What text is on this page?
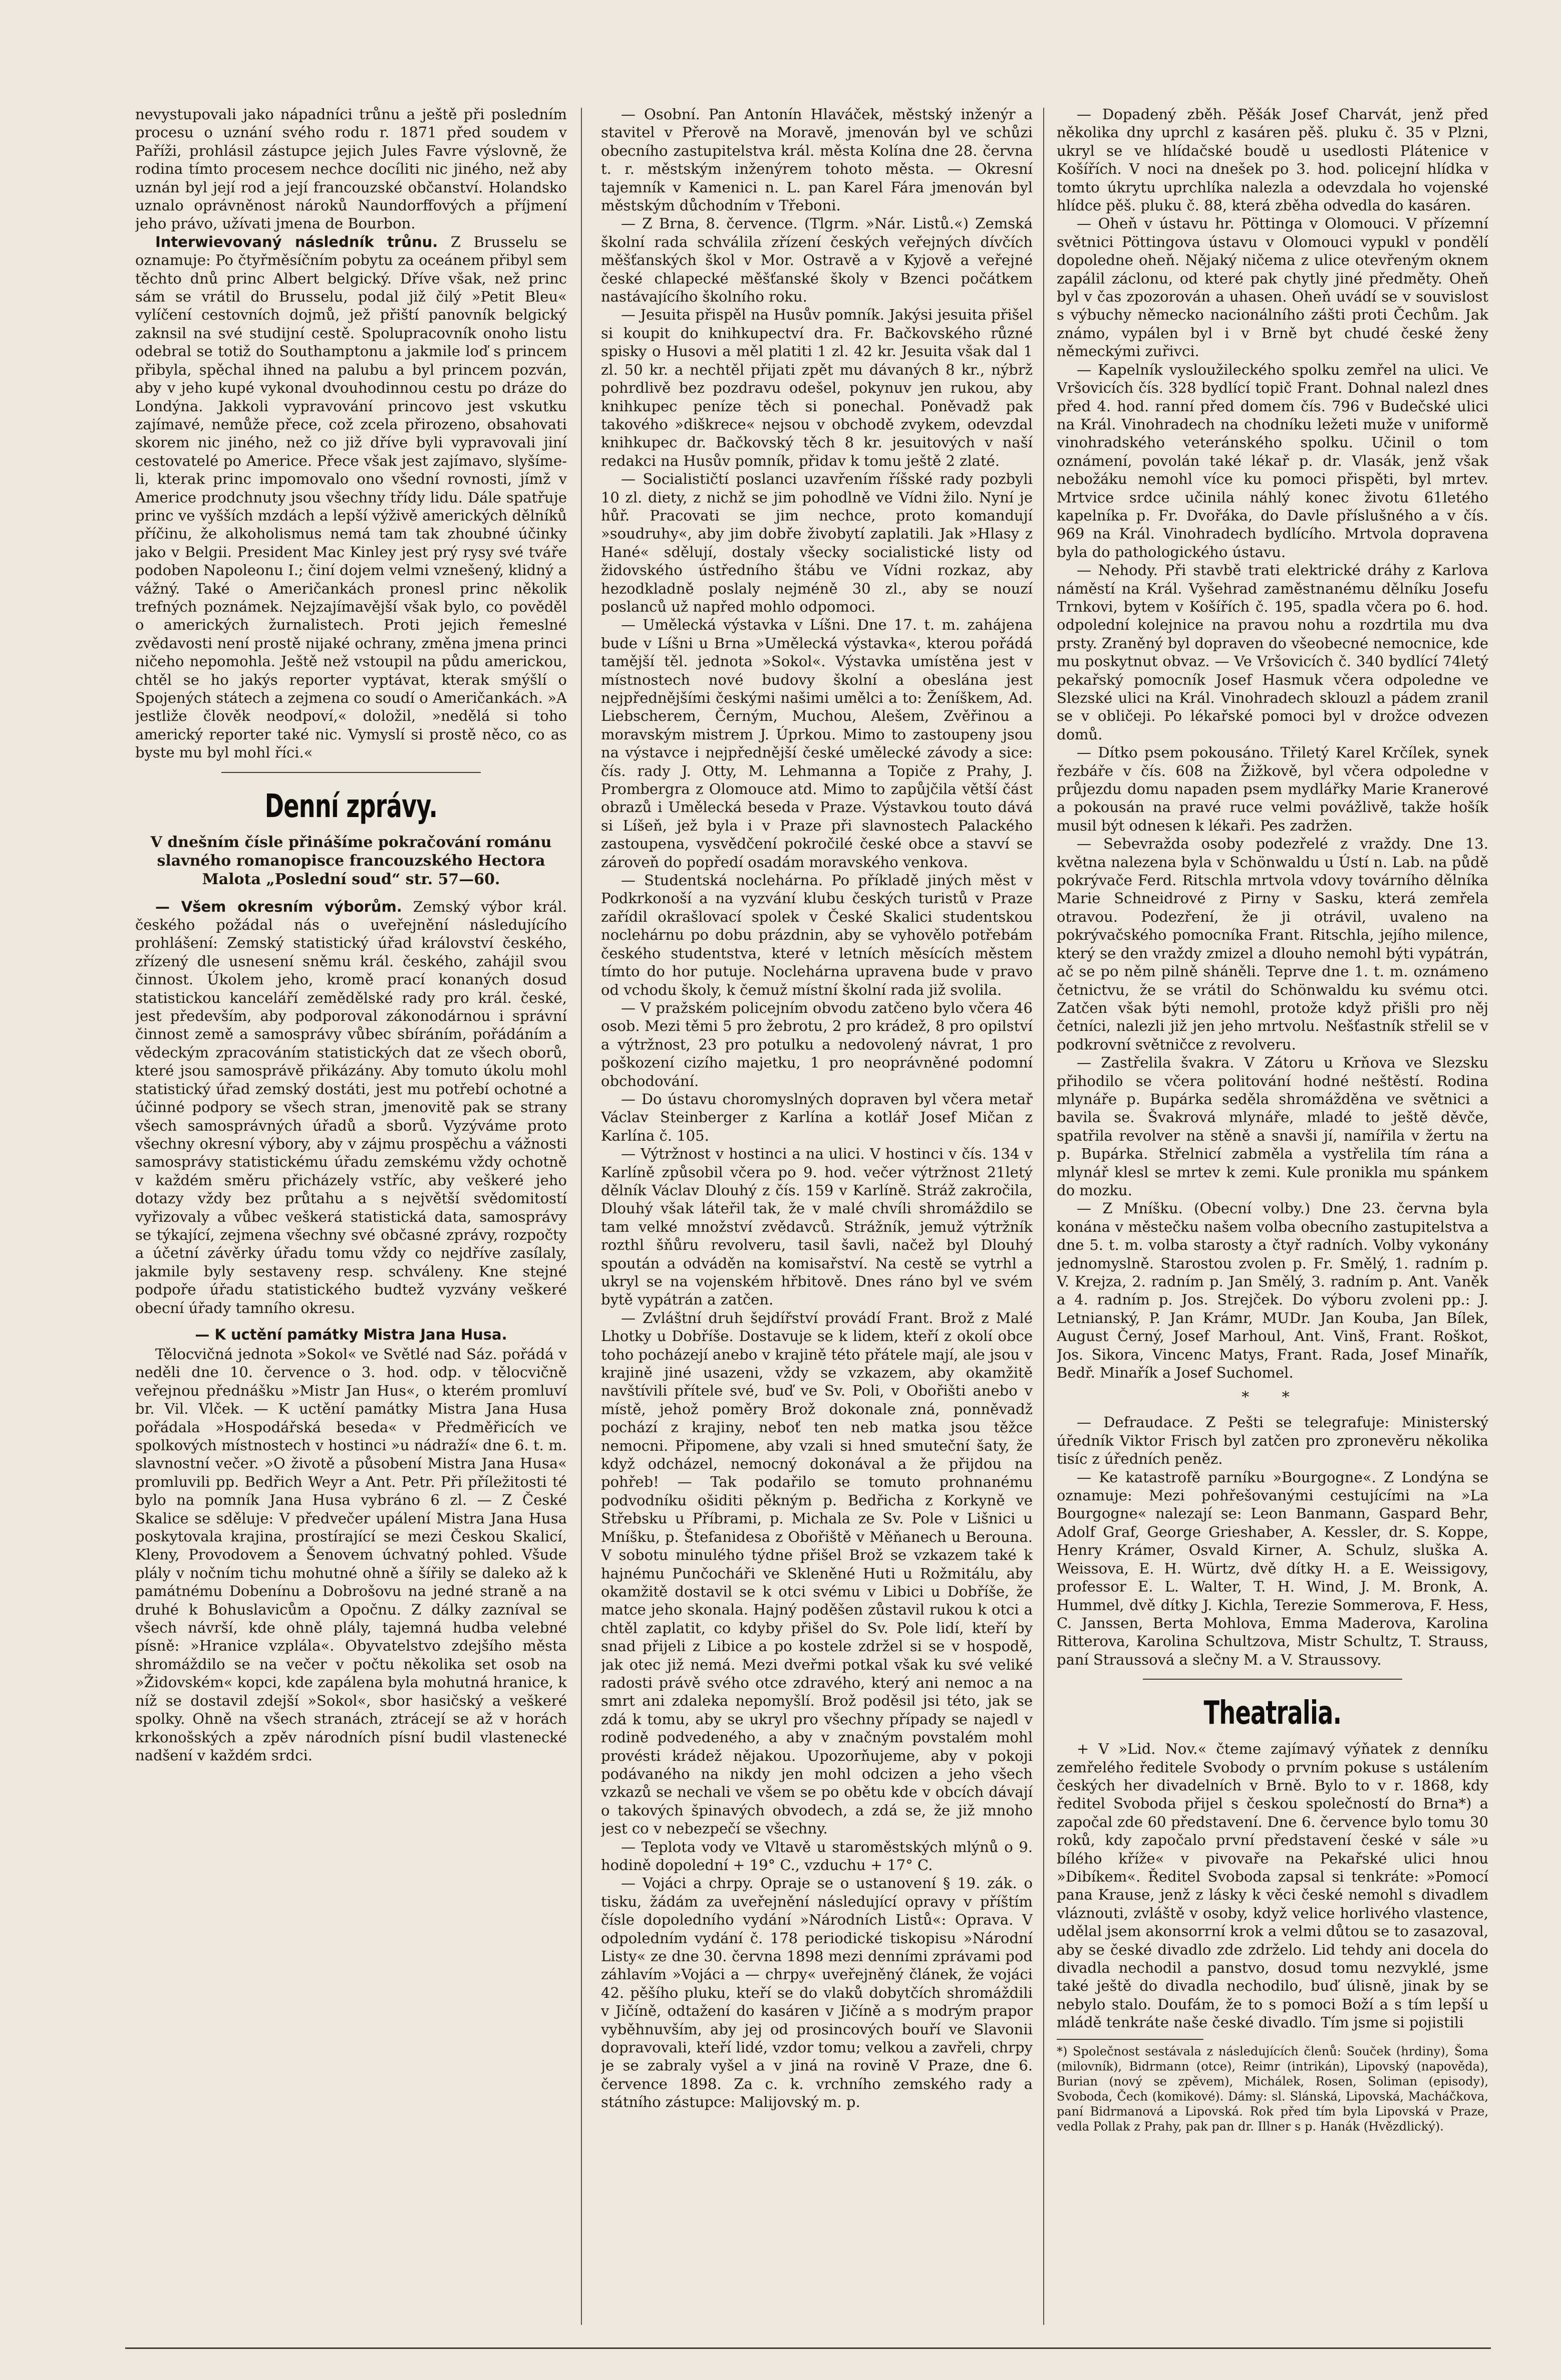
nevystupovali jako nápadníci trůnu a ještě při posledním procesu o uznání svého rodu r. 1871 před soudem v Paříži, prohlásil zástupce jejich Jules Favre výslovně, že rodina tímto procesem nechce docíliti nic jiného, než aby uznán byl její rod a její francouzské občanství. Holandsko uznalo oprávněnost nároků Naundorffových a příjmení jeho právo, užívati jmena de Bourbon.

Interwievovaný následník trůnu. Z Brusselu se oznamuje: Po čtyřměsíčním pobytu za oceánem přibyl sem těchto dnů princ Albert belgický. Dříve však, než princ sám se vrátil do Brusselu, podal již čilý »Petit Bleu« vylíčení cestovních dojmů, jež přiští panovník belgický zaknsil na své studijní cestě. Spolupracovník onoho listu odebral se totiž do Southamptonu a jakmile loď s princem přibyla, spěchal ihned na palubu a byl princem pozván, aby v jeho kupé vykonal dvouhodinnou cestu po dráze do Londýna. Jakkoli vypravování princovo jest vskutku zajímavé, nemůže přece, což zcela přirozeno, obsahovati skorem nic jiného, než co již dříve byli vypravovali jiní cestovatelé po Americe. Přece však jest zajímavo, slyšíme-li, kterak princ impomovalo ono všední rovnosti, jímž v Americe prodchnuty jsou všechny třídy lidu. Dále spatřuje princ ve vyšších mzdách a lepší výživě amerických dělníků příčinu, že alkoholismus nemá tam tak zhoubné účinky jako v Belgii. President Mac Kinley jest prý rysy své tváře podoben Napoleonu I.; činí dojem velmi vznešený, klidný a vážný. Také o Američankách pronesl princ několik trefných poznámek. Nejzajímavější však bylo, co pověděl o amerických žurnalistech. Proti jejich řemeslné zvědavosti není prostě nijaké ochrany, změna jmena princi ničeho nepomohla. Ještě než vstoupil na půdu americkou, chtěl se ho jakýs reporter vyptávat, kterak smýšlí o Spojených státech a zejmena co soudí o Američankách. »A jestliže člověk neodpoví,« doložil, »nedělá si toho americký reporter také nic. Vymyslí si prostě něco, co as byste mu byl mohl říci.«

Denní zprávy.
V dnešním čísle přinášíme pokračování románu slavného romanopisce francouzského Hectora Malota „Poslední soud“ str. 57—60.

— Všem okresním výborům. Zemský výbor král. českého požádal nás o uveřejnění následujícího prohlášení: Zemský statistický úřad království českého, zřízený dle usnesení sněmu král. českého, zahájil svou činnost. Úkolem jeho, kromě prací konaných dosud statistickou kanceláří zemědělské rady pro král. české, jest především, aby podporoval zákonodárnou i správní činnost země a samosprávy vůbec sbíráním, pořádáním a vědeckým zpracováním statistických dat ze všech oborů, které jsou samosprávě přikázány. Aby tomuto úkolu mohl statistický úřad zemský dostáti, jest mu potřebí ochotné a účinné podpory se všech stran, jmenovitě pak se strany všech samosprávných úřadů a sborů. Vyzýváme proto všechny okresní výbory, aby v zájmu prospěchu a vážnosti samosprávy statistickému úřadu zemskému vždy ochotně v každém směru přicházely vstříc, aby veškeré jeho dotazy vždy bez průtahu a s největší svědomitostí vyřizovaly a vůbec veškerá statistická data, samosprávy se týkající, zejmena všechny své občasné zprávy, rozpočty a účetní závěrky úřadu tomu vždy co nejdříve zasílaly, jakmile byly sestaveny resp. schváleny. Kne stejné podpoře úřadu statistického budtež vyzvány veškeré obecní úřady tamního okresu.

— K uctění památky Mistra Jana Husa.

Tělocvičná jednota »Sokol« ve Světlé nad Sáz. pořádá v neděli dne 10. července o 3. hod. odp. v tělocvičně veřejnou přednášku »Mistr Jan Hus«, o kterém promluví br. Vil. Vlček. — K uctění památky Mistra Jana Husa pořádala »Hospodářská beseda« v Předměřicích ve spolkových místnostech v hostinci »u nádraží« dne 6. t. m. slavnostní večer. »O životě a působení Mistra Jana Husa« promluvili pp. Bedřich Weyr a Ant. Petr. Při příležitosti té bylo na pomník Jana Husa vybráno 6 zl. — Z České Skalice se sděluje: V předvečer upálení Mistra Jana Husa poskytovala krajina, prostírající se mezi Českou Skalicí, Kleny, Provodovem a Šenovem úchvatný pohled. Všude plály v nočním tichu mohutné ohně a šířily se daleko až k památnému Dobenínu a Dobrošovu na jedné straně a na druhé k Bohuslavicům a Opočnu. Z dálky zazníval se všech návrší, kde ohně plály, tajemná hudba velebné písně: »Hranice vzplála«. Obyvatelstvo zdejšího města shromáždilo se na večer v počtu několika set osob na »Židovském« kopci, kde zapálena byla mohutná hranice, k níž se dostavil zdejší »Sokol«, sbor hasičský a veškeré spolky. Ohně na všech stranách, ztrácejí se až v horách krkonošských a zpěv národních písní budil vlastenecké nadšení v každém srdci.

— Osobní. Pan Antonín Hlaváček, městský inženýr a stavitel v Přerově na Moravě, jmenován byl ve schůzi obecního zastupitelstva král. města Kolína dne 28. června t. r. městským inženýrem tohoto města. — Okresní tajemník v Kamenici n. L. pan Karel Fára jmenován byl městským důchodním v Třeboni.

— Z Brna, 8. července. (Tlgrm. »Nár. Listů.«) Zemská školní rada schválila zřízení českých veřejných dívčích měšťanských škol v Mor. Ostravě a v Kyjově a veřejné české chlapecké měšťanské školy v Bzenci počátkem nastávajícího školního roku.

— Jesuita přispěl na Husův pomník. Jakýsi jesuita přišel si koupit do knihkupectví dra. Fr. Bačkovského různé spisky o Husovi a měl platiti 1 zl. 42 kr. Jesuita však dal 1 zl. 50 kr. a nechtěl přijati zpět mu dávaných 8 kr., nýbrž pohrdlivě bez pozdravu odešel, pokynuv jen rukou, aby knihkupec peníze těch si ponechal. Poněvadž pak takového »diškrece« nejsou v obchodě zvykem, odevzdal knihkupec dr. Bačkovský těch 8 kr. jesuitových v naší redakci na Husův pomník, přidav k tomu ještě 2 zlaté.

— Socialističtí poslanci uzavřením říšské rady pozbyli 10 zl. diety, z nichž se jim pohodlně ve Vídni žilo. Nyní je hůř. Pracovati se jim nechce, proto komandují »soudruhy«, aby jim dobře živobytí zaplatili. Jak »Hlasy z Hané« sdělují, dostaly všecky socialistické listy od židovského ústředního štábu ve Vídni rozkaz, aby hezodkladně poslaly nejméně 30 zl., aby se nouzí poslanců už napřed mohlo odpomoci.

— Umělecká výstavka v Líšni. Dne 17. t. m. zahájena bude v Líšni u Brna »Umělecká výstavka«, kterou pořádá tamější těl. jednota »Sokol«. Výstavka umístěna jest v místnostech nové budovy školní a obeslána jest nejpřednějšími českými našimi umělci a to: Ženíškem, Ad. Liebscherem, Černým, Muchou, Alešem, Zvěřinou a moravským mistrem J. Úprkou. Mimo to zastoupeny jsou na výstavce i nejpřednější české umělecké závody a sice: čís. rady J. Otty, M. Lehmanna a Topiče z Prahy, J. Prombergra z Olomouce atd. Mimo to zapůjčila větší část obrazů i Umělecká beseda v Praze. Výstavkou touto dává si Líšeň, jež byla i v Praze při slavnostech Palackého zastoupena, vysvědčení pokročilé české obce a stavví se zároveň do popředí osadám moravského venkova.

— Studentská noclehárna. Po příkladě jiných měst v Podkrkonoší a na vyzvání klubu českých turistů v Praze zařídil okrašlovací spolek v České Skalici studentskou noclehárnu po dobu prázdnin, aby se vyhovělo potřebám českého studentstva, které v letních měsících městem tímto do hor putuje. Noclehárna upravena bude v pravo od vchodu školy, k čemuž místní školní rada již svolila.

— V pražském policejním obvodu zatčeno bylo včera 46 osob. Mezi těmi 5 pro žebrotu, 2 pro krádež, 8 pro opilství a výtržnost, 23 pro potulku a nedovolený návrat, 1 pro poškození cizího majetku, 1 pro neoprávněné podomní obchodování.

— Do ústavu choromyslných dopraven byl včera metař Václav Steinberger z Karlína a kotlář Josef Mičan z Karlína č. 105.

— Výtržnost v hostinci a na ulici. V hostinci v čís. 134 v Karlíně způsobil včera po 9. hod. večer výtržnost 21letý dělník Václav Dlouhý z čís. 159 v Karlíně. Stráž zakročila, Dlouhý však láteřil tak, že v malé chvíli shromáždilo se tam velké množství zvědavců. Strážník, jemuž výtržník rozthl šňůru revolveru, tasil šavli, načež byl Dlouhý spoután a odváděn na komisařství. Na cestě se vytrhl a ukryl se na vojenském hřbitově. Dnes ráno byl ve svém bytě vypátrán a zatčen.

— Zvláštní druh šejdířství provádí Frant. Brož z Malé Lhotky u Dobříše. Dostavuje se k lidem, kteří z okolí obce toho pocházejí anebo v krajině této přátele mají, ale jsou v krajině jiné usazeni, vždy se vzkazem, aby okamžitě navštívili přítele své, buď ve Sv. Poli, v Obořišti anebo v místě, jehož poměry Brož dokonale zná, ponněvadž pochází z krajiny, neboť ten neb matka jsou těžce nemocni. Připomene, aby vzali si hned smuteční šaty, že když odcházel, nemocný dokonával a že přijdou na pohřeb! — Tak podařilo se tomuto prohnanému podvodníku ošiditi pěkným p. Bedřicha z Korkyně ve Střebsku u Příbrami, p. Michala ze Sv. Pole v Lišnici u Mníšku, p. Štefanidesa z Obořiště v Měňanech u Berouna. V sobotu minulého týdne přišel Brož se vzkazem také k hajnému Punčocháři ve Skleněné Huti u Rožmitálu, aby okamžitě dostavil se k otci svému v Libici u Dobříše, že matce jeho skonala. Hajný poděšen zůstavil rukou k otci a chtěl zaplatit, co kdyby přišel do Sv. Pole lidí, kteří by snad přijeli z Libice a po kostele zdržel si se v hospodě, jak otec již nemá. Mezi dveřmi potkal však ku své veliké radosti právě svého otce zdravého, který ani nemoc a na smrt ani zdaleka nepomyšlí. Brož poděsil jsi této, jak se zdá k tomu, aby se ukryl pro všechny případy se najedl v rodině podvedeného, a aby v značným povstalém mohl provésti krádež nějakou. Upozorňujeme, aby v pokoji podávaného na nikdy jen mohl odcizen a jeho všech vzkazů se nechali ve všem se po obětu kde v obcích dávají o takových špinavých obvodech, a zdá se, že již mnoho jest co v nebezpečí se všechny.

— Teplota vody ve Vltavě u staroměstských mlýnů o 9. hodině dopolední + 19° C., vzduchu + 17° C.

— Vojáci a chrpy. Opraje se o ustanovení § 19. zák. o tisku, žádám za uveřejnění následující opravy v příštím čísle dopoledního vydání »Národních Listů«: Oprava. V odpoledním vydání č. 178 periodické tiskopisu »Národní Listy« ze dne 30. června 1898 mezi denními zprávami pod záhlavím »Vojáci a — chrpy« uveřejněný článek, že vojáci 42. pěšího pluku, kteří se do vlaků dobytčích shromáždili v Jičíně, odtažení do kasáren v Jičíně a s modrým prapor vyběhnuvším, aby jej od prosincových bouří ve Slavonii dopravovali, kteří lidé, vzdor tomu; velkou a zavřeli, chrpy je se zabraly vyšel a v jiná na rovině V Praze, dne 6. července 1898. Za c. k. vrchního zemského rady a státního zástupce: Malijovský m. p.

— Dopadený zběh. Pěšák Josef Charvát, jenž před několika dny uprchl z kasáren pěš. pluku č. 35 v Plzni, ukryl se ve hlídačské boudě u usedlosti Plátenice v Košířích. V noci na dnešek po 3. hod. policejní hlídka v tomto úkrytu uprchlíka nalezla a odevzdala ho vojenské hlídce pěš. pluku č. 88, která zběha odvedla do kasáren.

— Oheň v ústavu hr. Pöttinga v Olomouci. V přízemní světnici Pöttingova ústavu v Olomouci vypukl v pondělí dopoledne oheň. Nějaký ničema z ulice otevřeným oknem zapálil záclonu, od které pak chytly jiné předměty. Oheň byl v čas zpozorován a uhasen. Oheň uvádí se v souvislost s výbuchy německo nacionálního zášti proti Čechům. Jak známo, vypálen byl i v Brně byt chudé české ženy německými zuřivci.

— Kapelník vysloužileckého spolku zemřel na ulici. Ve Vršovicích čís. 328 bydlící topič Frant. Dohnal nalezl dnes před 4. hod. ranní před domem čís. 796 v Budečské ulici na Král. Vinohradech na chodníku ležeti muže v uniformě vinohradského veteránského spolku. Učinil o tom oznámení, povolán také lékař p. dr. Vlasák, jenž však nebožáku nemohl více ku pomoci přispěti, byl mrtev. Mrtvice srdce učinila náhlý konec životu 61letého kapelníka p. Fr. Dvořáka, do Davle příslušného a v čís. 969 na Král. Vinohradech bydlícího. Mrtvola dopravena byla do pathologického ústavu.

— Nehody. Při stavbě trati elektrické dráhy z Karlova náměstí na Král. Vyšehrad zaměstnanému dělníku Josefu Trnkovi, bytem v Košířích č. 195, spadla včera po 6. hod. odpolední kolejnice na pravou nohu a rozdrtila mu dva prsty. Zraněný byl dopraven do všeobecné nemocnice, kde mu poskytnut obvaz. — Ve Vršovicích č. 340 bydlící 74letý pekařský pomocník Josef Hasmuk včera odpoledne ve Slezské ulici na Král. Vinohradech sklouzl a pádem zranil se v obličeji. Po lékařské pomoci byl v drožce odvezen domů.

— Dítko psem pokousáno. Třiletý Karel Krčílek, synek řezbáře v čís. 608 na Žižkově, byl včera odpoledne v průjezdu domu napaden psem mydlářky Marie Kranerové a pokousán na pravé ruce velmi povážlivě, takže hošík musil být odnesen k lékaři. Pes zadržen.

— Sebevražda osoby podezřelé z vraždy. Dne 13. května nalezena byla v Schönwaldu u Ústí n. Lab. na půdě pokrývače Ferd. Ritschla mrtvola vdovy továrního dělníka Marie Schneidrové z Pirny v Sasku, která zemřela otravou. Podezření, že ji otrávil, uvaleno na pokrývačského pomocníka Frant. Ritschla, jejího milence, který se den vraždy zmizel a dlouho nemohl býti vypátrán, ač se po něm pilně sháněli. Teprve dne 1. t. m. oznámeno četnictvu, že se vrátil do Schönwaldu ku svému otci. Zatčen však býti nemohl, protože když přišli pro něj četníci, nalezli již jen jeho mrtvolu. Nešťastník střelil se v podkrovní světničce z revolveru.

— Zastřelila švakra. V Zátoru u Krňova ve Slezsku přihodilo se včera politování hodné neštěstí. Rodina mlynáře p. Bupárka seděla shromážděna ve světnici a bavila se. Švakrová mlynáře, mladé to ještě děvče, spatřila revolver na stěně a snavši jí, namířila v žertu na p. Bupárka. Střelnicí zabměla a vystřelila tím rána a mlynář klesl se mrtev k zemi. Kule pronikla mu spánkem do mozku.

— Z Mníšku. (Obecní volby.) Dne 23. června byla konána v městečku našem volba obecního zastupitelstva a dne 5. t. m. volba starosty a čtyř radních. Volby vykonány jednomyslně. Starostou zvolen p. Fr. Smělý, 1. radním p. V. Krejza, 2. radním p. Jan Smělý, 3. radním p. Ant. Vaněk a 4. radním p. Jos. Strejček. Do výboru zvoleni pp.: J. Letnianský, P. Jan Krámr, MUDr. Jan Kouba, Jan Bílek, August Černý, Josef Marhoul, Ant. Vinš, Frant. Roškot, Jos. Sikora, Vincenc Matys, Frant. Rada, Josef Minařík, Bedř. Minařík a Josef Suchomel.

* *

— Defraudace. Z Pešti se telegrafuje: Ministerský úředník Viktor Frisch byl zatčen pro zpronevěru několika tisíc z úředních peněz.

— Ke katastrofě parníku »Bourgogne«. Z Londýna se oznamuje: Mezi pohřešovanými cestujícími na »La Bourgogne« nalezají se: Leon Banmann, Gaspard Behr, Adolf Graf, George Grieshaber, A. Kessler, dr. S. Koppe, Henry Krámer, Osvald Kirner, A. Schulz, sluška A. Weissova, E. H. Würtz, dvě dítky H. a E. Weissigovy, professor E. L. Walter, T. H. Wind, J. M. Bronk, A. Hummel, dvě dítky J. Kichla, Terezie Sommerova, F. Hess, C. Janssen, Berta Mohlova, Emma Maderova, Karolina Ritterova, Karolina Schultzova, Mistr Schultz, T. Strauss, paní Straussová a slečny M. a V. Straussovy.

Theatralia.

+ V »Lid. Nov.« čteme zajímavý výňatek z denníku zemřelého ředitele Svobody o prvním pokuse s ustálením českých her divadelních v Brně. Bylo to v r. 1868, kdy ředitel Svoboda přijel s českou společností do Brna*) a započal zde 60 představení. Dne 6. července bylo tomu 30 roků, kdy započalo první představení české v sále »u bílého kříže« v pivovaře na Pekařské ulici hnou »Dibíkem«. Ředitel Svoboda zapsal si tenkráte: »Pomocí pana Krause, jenž z lásky k věci české nemohl s divadlem vláznouti, zvláště v osoby, když velice horlivého vlastence, udělal jsem akonsorrní krok a velmi důtou se to zasazoval, aby se české divadlo zde zdrželo. Lid tehdy ani docela do divadla nechodil a panstvo, dosud tomu nezvyklé, jsme také ještě do divadla nechodilo, buď úlisně, jinak by se nebylo stalo. Doufám, že to s pomoci Boží a s tím lepší u mládě tenkráte naše české divadlo. Tím jsme si pojistili

*) Společnost sestávala z následujících členů: Souček (hrdiny), Šoma (milovník), Bidrmann (otce), Reimr (intrikán), Lipovský (napověda), Burian (nový se zpěvem), Michálek, Rosen, Soliman (episody), Svoboda, Čech (komikové). Dámy: sl. Slánská, Lipovská, Macháčkova, paní Bidrmanová a Lipovská. Rok před tím byla Lipovská v Praze, vedla Pollak z Prahy, pak pan dr. Illner s p. Hanák (Hvězdlický).
